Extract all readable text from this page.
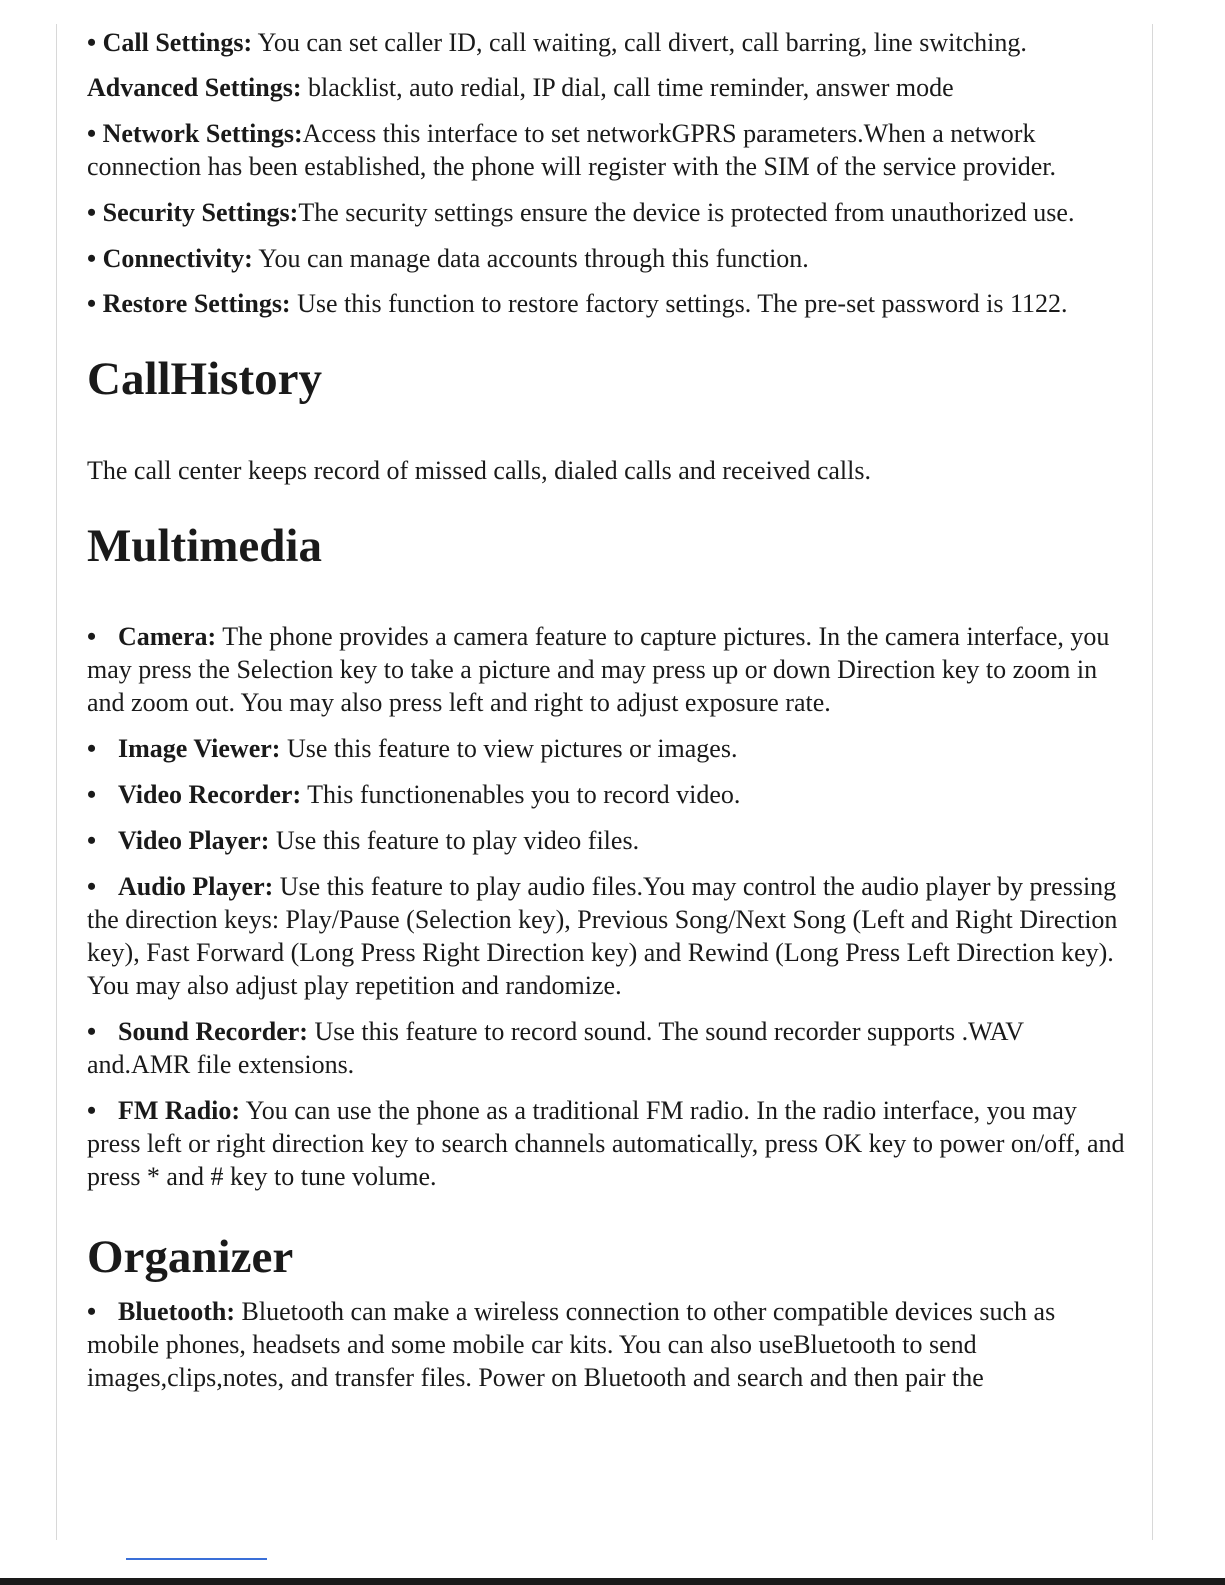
• Call Settings: You can set caller ID, call waiting, call divert, call barring, line switching.

Advanced Settings: blacklist, auto redial, IP dial, call time reminder, answer mode

• Network Settings:Access this interface to set networkGPRS parameters.When a network connection has been established, the phone will register with the SIM of the service provider.

• Security Settings:The security settings ensure the device is protected from unauthorized use.

• Connectivity: You can manage data accounts through this function.

• Restore Settings: Use this function to restore factory settings. The pre-set password is 1122.

CallHistory

The call center keeps record of missed calls, dialed calls and received calls.

Multimedia

• Camera: The phone provides a camera feature to capture pictures. In the camera interface, you may press the Selection key to take a picture and may press up or down Direction key to zoom in and zoom out. You may also press left and right to adjust exposure rate.

• Image Viewer: Use this feature to view pictures or images.

• Video Recorder: This functionenables you to record video.

• Video Player: Use this feature to play video files.

• Audio Player: Use this feature to play audio files.You may control the audio player by pressing the direction keys: Play/Pause (Selection key), Previous Song/Next Song (Left and Right Direction key), Fast Forward (Long Press Right Direction key) and Rewind (Long Press Left Direction key). You may also adjust play repetition and randomize.

• Sound Recorder: Use this feature to record sound. The sound recorder supports .WAV and.AMR file extensions.

• FM Radio: You can use the phone as a traditional FM radio. In the radio interface, you may press left or right direction key to search channels automatically, press OK key to power on/off, and press * and # key to tune volume.

Organizer

• Bluetooth: Bluetooth can make a wireless connection to other compatible devices such as mobile phones, headsets and some mobile car kits. You can also useBluetooth to send images,clips,notes, and transfer files. Power on Bluetooth and search and then pair the
